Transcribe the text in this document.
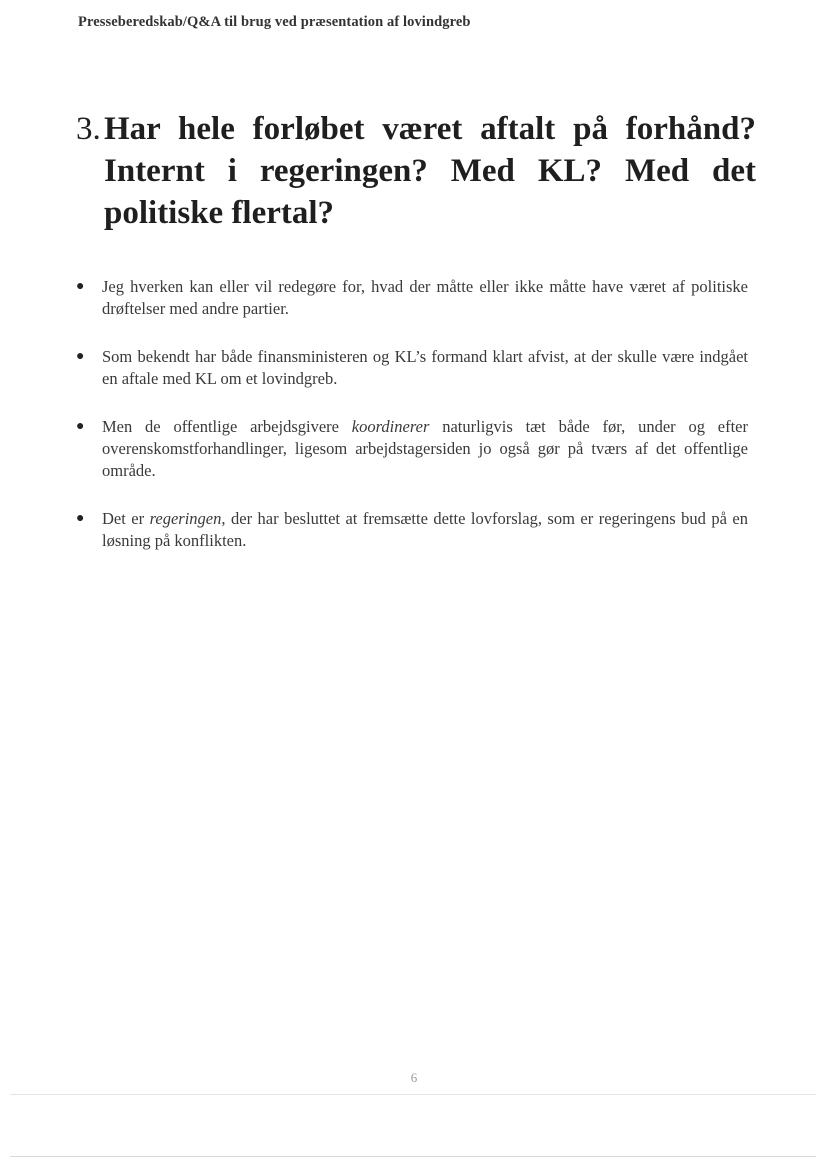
Pressеberedskab/Q&A til brug ved præsentation af lovindgreb
3. Har hele forløbet været aftalt på forhånd? Internt i regeringen? Med KL? Med det politiske flertal?
●	Jeg hverken kan eller vil redegøre for, hvad der måtte eller ikke måtte have været af politiske drøftelser med andre partier.
●	Som bekendt har både finansministeren og KL’s formand klart afvist, at der skulle være indgået en aftale med KL om et lovindgreb.
●	Men de offentlige arbejdsgivere koordinerer naturligvis tæt både før, under og efter overenskomstforhandlinger, ligesom arbejdstagersiden jo også gør på tværs af det offentlige område.
●	Det er regeringen, der har besluttet at fremsætte dette lovforslag, som er regeringens bud på en løsning på konflikten.
6
